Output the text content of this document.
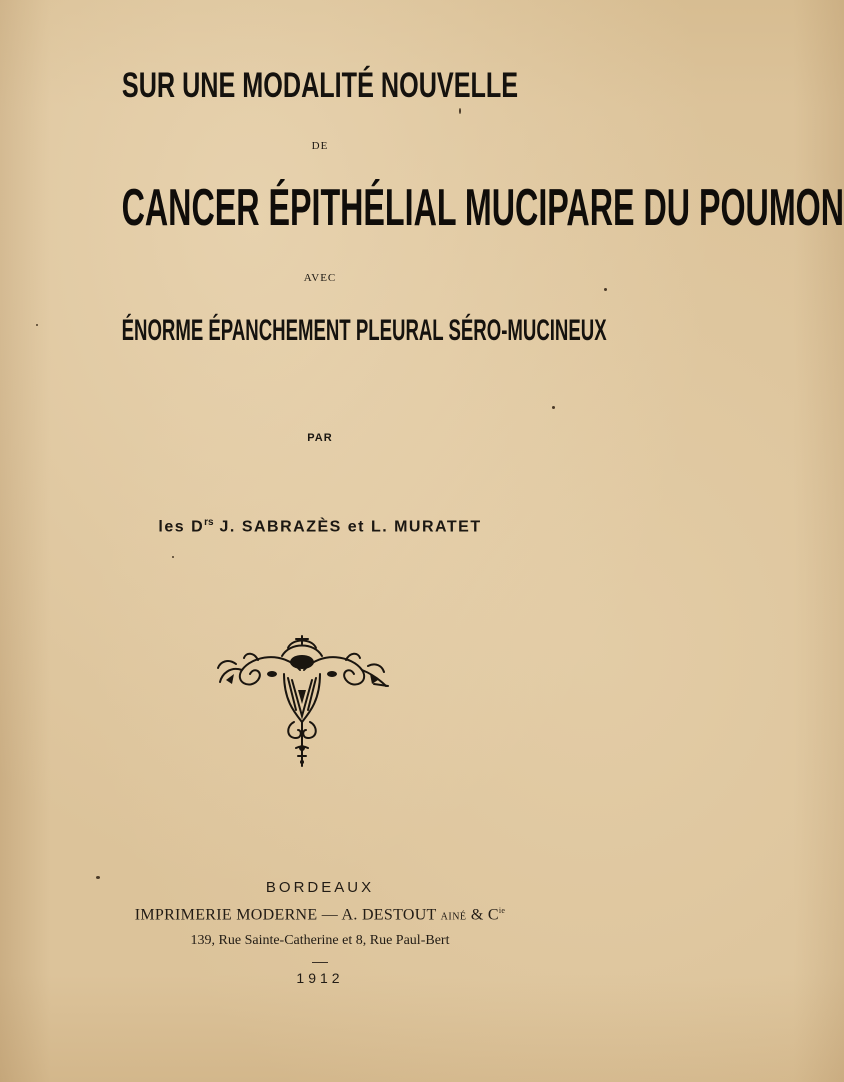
SUR UNE MODALITÉ NOUVELLE
DE
CANCER ÉPITHÉLIAL MUCIPARE DU POUMON
AVEC
ÉNORME ÉPANCHEMENT PLEURAL SÉRO-MUCINEUX
PAR
les $D^{rs}$ J. SABRAZÈS et L. MURATET
BORDEAUX
IMPRIMERIE MODERNE — A. DESTOUT AINÉ & $C^{ie}$
139, Rue Sainte-Catherine et 8, Rue Paul-Bert
1912
